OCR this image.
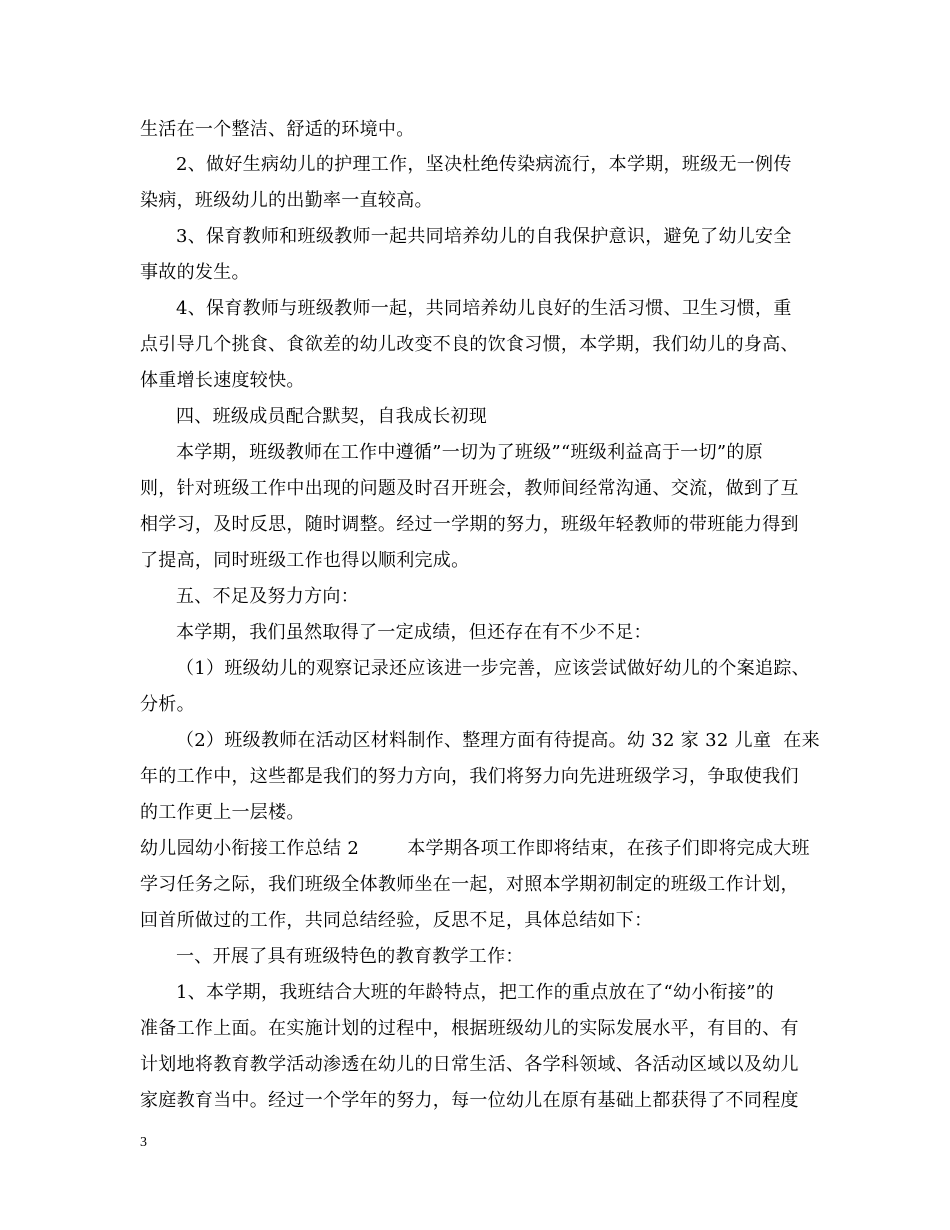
生活在一个整洁、舒适的环境中。
2、做好生病幼儿的护理工作，坚决杜绝传染病流行，本学期，班级无一例传
染病，班级幼儿的出勤率一直较高。
3、保育教师和班级教师一起共同培养幼儿的自我保护意识，避免了幼儿安全
事故的发生。
4、保育教师与班级教师一起，共同培养幼儿良好的生活习惯、卫生习惯，重
点引导几个挑食、食欲差的幼儿改变不良的饮食习惯，本学期，我们幼儿的身高、
体重增长速度较快。
四、班级成员配合默契，自我成长初现
本学期，班级教师在工作中遵循”一切为了班级”“班级利益高于一切”的原
则，针对班级工作中出现的问题及时召开班会，教师间经常沟通、交流，做到了互
相学习，及时反思，随时调整。经过一学期的努力，班级年轻教师的带班能力得到
了提高，同时班级工作也得以顺利完成。
五、不足及努力方向：
本学期，我们虽然取得了一定成绩，但还存在有不少不足：
（1）班级幼儿的观察记录还应该进一步完善，应该尝试做好幼儿的个案追踪、
分析。
（2）班级教师在活动区材料制作、整理方面有待提高。幼 32 家 32 儿童  在来
年的工作中，这些都是我们的努力方向，我们将努力向先进班级学习，争取使我们
的工作更上一层楼。
幼儿园幼小衔接工作总结 2        本学期各项工作即将结束，在孩子们即将完成大班
学习任务之际，我们班级全体教师坐在一起，对照本学期初制定的班级工作计划，
回首所做过的工作，共同总结经验，反思不足，具体总结如下：
一、开展了具有班级特色的教育教学工作：
1、本学期，我班结合大班的年龄特点，把工作的重点放在了“幼小衔接”的
准备工作上面。在实施计划的过程中，根据班级幼儿的实际发展水平，有目的、有
计划地将教育教学活动渗透在幼儿的日常生活、各学科领域、各活动区域以及幼儿
家庭教育当中。经过一个学年的努力，每一位幼儿在原有基础上都获得了不同程度
3
